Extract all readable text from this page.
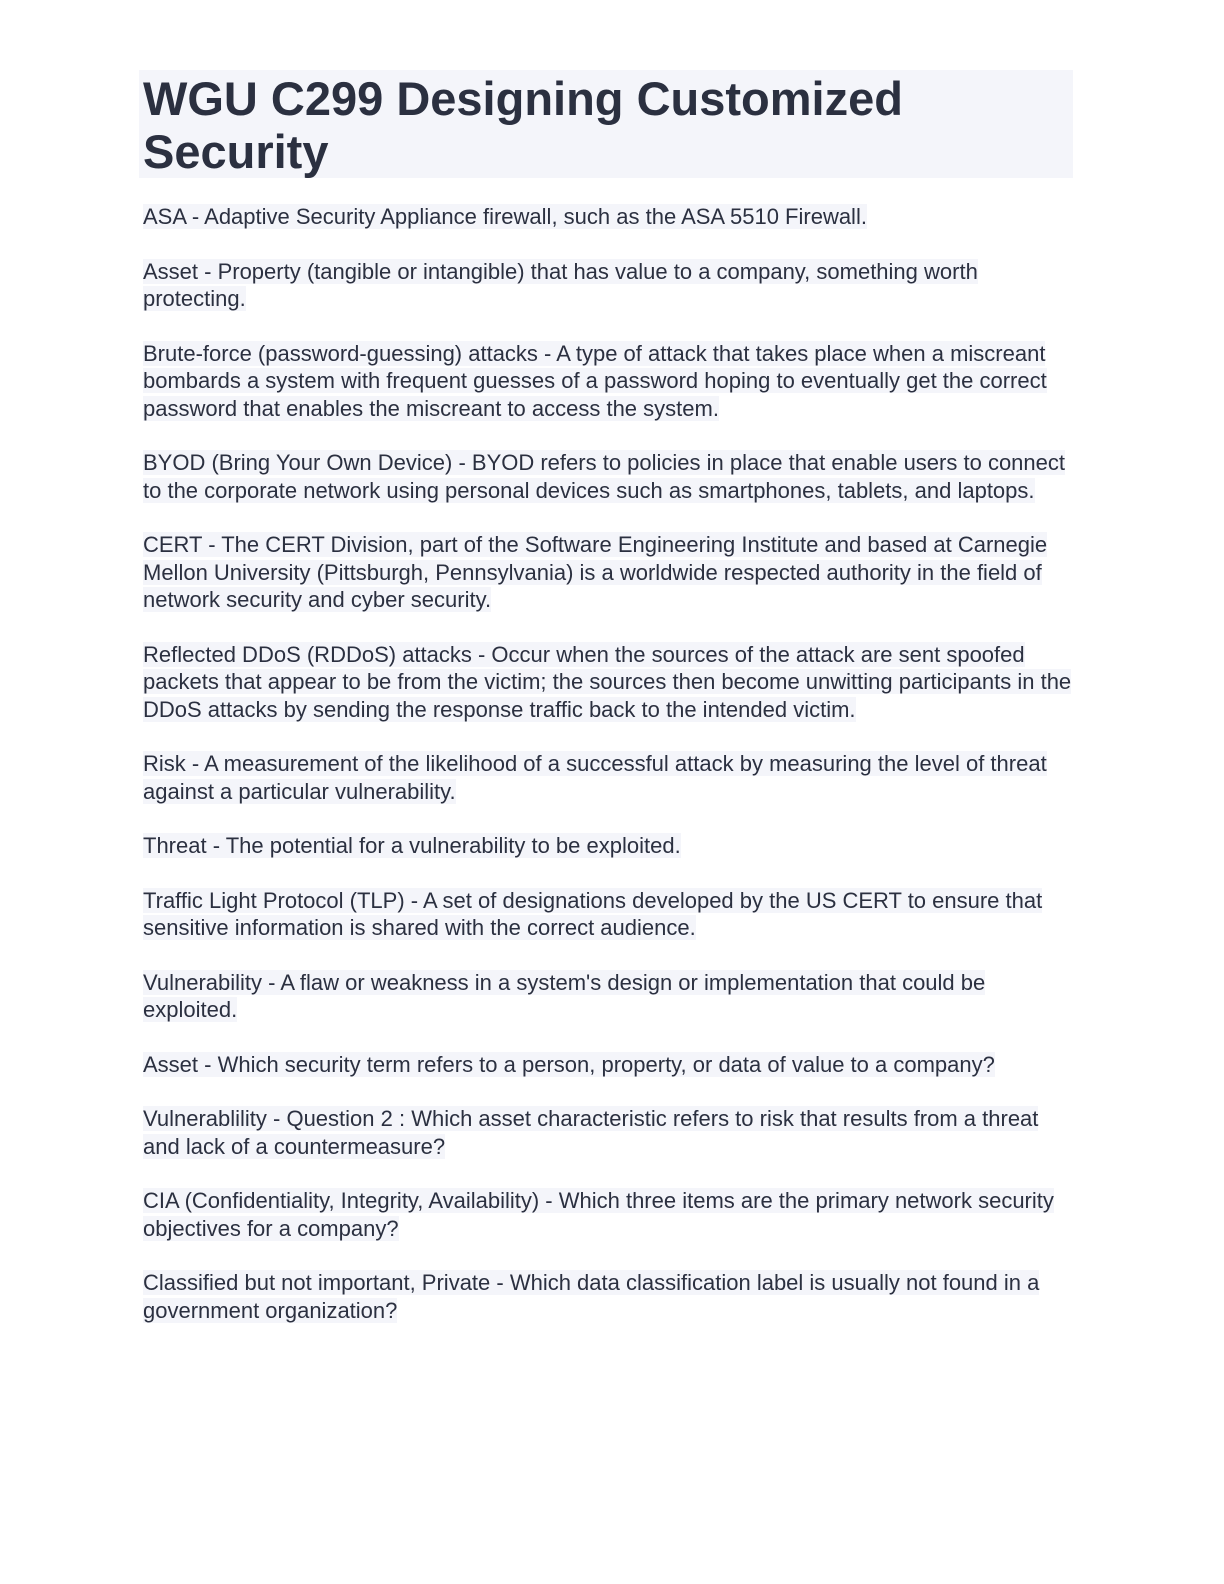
WGU C299 Designing Customized Security

ASA - Adaptive Security Appliance firewall, such as the ASA 5510 Firewall.

Asset - Property (tangible or intangible) that has value to a company, something worth protecting.

Brute-force (password-guessing) attacks - A type of attack that takes place when a miscreant bombards a system with frequent guesses of a password hoping to eventually get the correct password that enables the miscreant to access the system.

BYOD (Bring Your Own Device) - BYOD refers to policies in place that enable users to connect to the corporate network using personal devices such as smartphones, tablets, and laptops.

CERT - The CERT Division, part of the Software Engineering Institute and based at Carnegie Mellon University (Pittsburgh, Pennsylvania) is a worldwide respected authority in the field of network security and cyber security.

Reflected DDoS (RDDoS) attacks - Occur when the sources of the attack are sent spoofed packets that appear to be from the victim; the sources then become unwitting participants in the DDoS attacks by sending the response traffic back to the intended victim.

Risk - A measurement of the likelihood of a successful attack by measuring the level of threat against a particular vulnerability.

Threat - The potential for a vulnerability to be exploited.

Traffic Light Protocol (TLP) - A set of designations developed by the US CERT to ensure that sensitive information is shared with the correct audience.

Vulnerability - A flaw or weakness in a system's design or implementation that could be exploited.

Asset - Which security term refers to a person, property, or data of value to a company?

Vulnerablility - Question 2 : Which asset characteristic refers to risk that results from a threat and lack of a countermeasure?

CIA (Confidentiality, Integrity, Availability) - Which three items are the primary network security objectives for a company?

Classified but not important, Private - Which data classification label is usually not found in a government organization?
